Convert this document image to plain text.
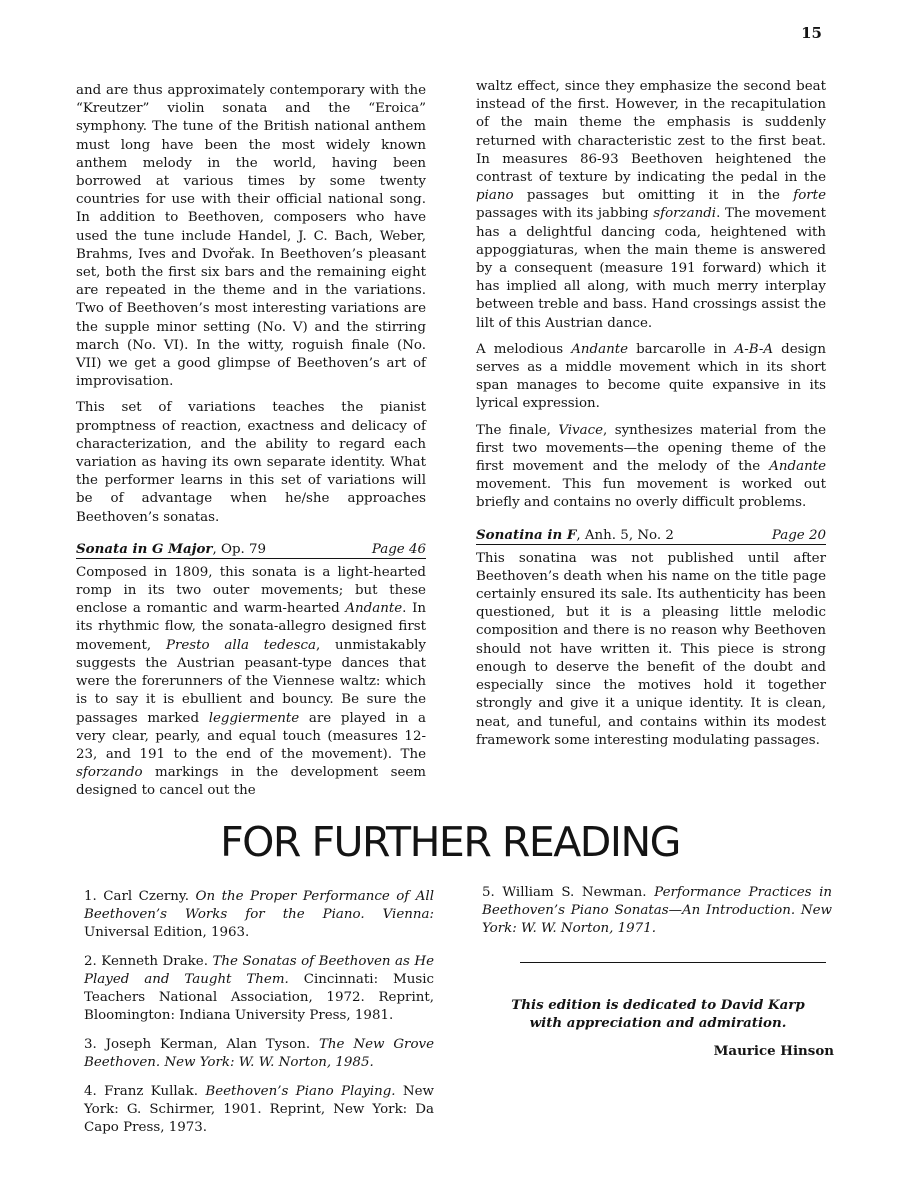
15

and are thus approximately contemporary with the “Kreutzer” violin sonata and the “Eroica” symphony. The tune of the British national anthem must long have been the most widely known anthem melody in the world, having been borrowed at various times by some twenty countries for use with their official national song. In addition to Beethoven, composers who have used the tune include Handel, J. C. Bach, Weber, Brahms, Ives and Dvořak. In Beethoven’s pleasant set, both the first six bars and the remaining eight are repeated in the theme and in the variations. Two of Beethoven’s most interesting variations are the supple minor setting (No. V) and the stirring march (No. VI). In the witty, roguish finale (No. VII) we get a good glimpse of Beethoven’s art of improvisation.

This set of variations teaches the pianist promptness of reaction, exactness and delicacy of characterization, and the ability to regard each variation as having its own separate identity. What the performer learns in this set of variations will be of advantage when he/she approaches Beethoven’s sonatas.

Sonata in G Major, Op. 79	Page 46

Composed in 1809, this sonata is a light-hearted romp in its two outer movements; but these enclose a romantic and warm-hearted Andante. In its rhythmic flow, the sonata-allegro designed first movement, Presto alla tedesca, unmistakably suggests the Austrian peasant-type dances that were the forerunners of the Viennese waltz: which is to say it is ebullient and bouncy. Be sure the passages marked leggiermente are played in a very clear, pearly, and equal touch (measures 12-23, and 191 to the end of the movement). The sforzando markings in the development seem designed to cancel out the

waltz effect, since they emphasize the second beat instead of the first. However, in the recapitulation of the main theme the emphasis is suddenly returned with characteristic zest to the first beat. In measures 86-93 Beethoven heightened the contrast of texture by indicating the pedal in the piano passages but omitting it in the forte passages with its jabbing sforzandi. The movement has a delightful dancing coda, heightened with appoggiaturas, when the main theme is answered by a consequent (measure 191 forward) which it has implied all along, with much merry interplay between treble and bass. Hand crossings assist the lilt of this Austrian dance.

A melodious Andante barcarolle in A-B-A design serves as a middle movement which in its short span manages to become quite expansive in its lyrical expression.

The finale, Vivace, synthesizes material from the first two movements—the opening theme of the first movement and the melody of the Andante movement. This fun movement is worked out briefly and contains no overly difficult problems.

Sonatina in F, Anh. 5, No. 2	Page 20

This sonatina was not published until after Beethoven’s death when his name on the title page certainly ensured its sale. Its authenticity has been questioned, but it is a pleasing little melodic composition and there is no reason why Beethoven should not have written it. This piece is strong enough to deserve the benefit of the doubt and especially since the motives hold it together strongly and give it a unique identity. It is clean, neat, and tuneful, and contains within its modest framework some interesting modulating passages.

FOR FURTHER READING
1. Carl Czerny. On the Proper Performance of All Beethoven’s Works for the Piano. Vienna: Universal Edition, 1963.
2. Kenneth Drake. The Sonatas of Beethoven as He Played and Taught Them. Cincinnati: Music Teachers National Association, 1972. Reprint, Bloomington: Indiana University Press, 1981.
3. Joseph Kerman, Alan Tyson. The New Grove Beethoven. New York: W. W. Norton, 1985.
4. Franz Kullak. Beethoven’s Piano Playing. New York: G. Schirmer, 1901. Reprint, New York: Da Capo Press, 1973.
5. William S. Newman. Performance Practices in Beethoven’s Piano Sonatas—An Introduction. New York: W. W. Norton, 1971.
This edition is dedicated to David Karp
with appreciation and admiration.
Maurice Hinson
